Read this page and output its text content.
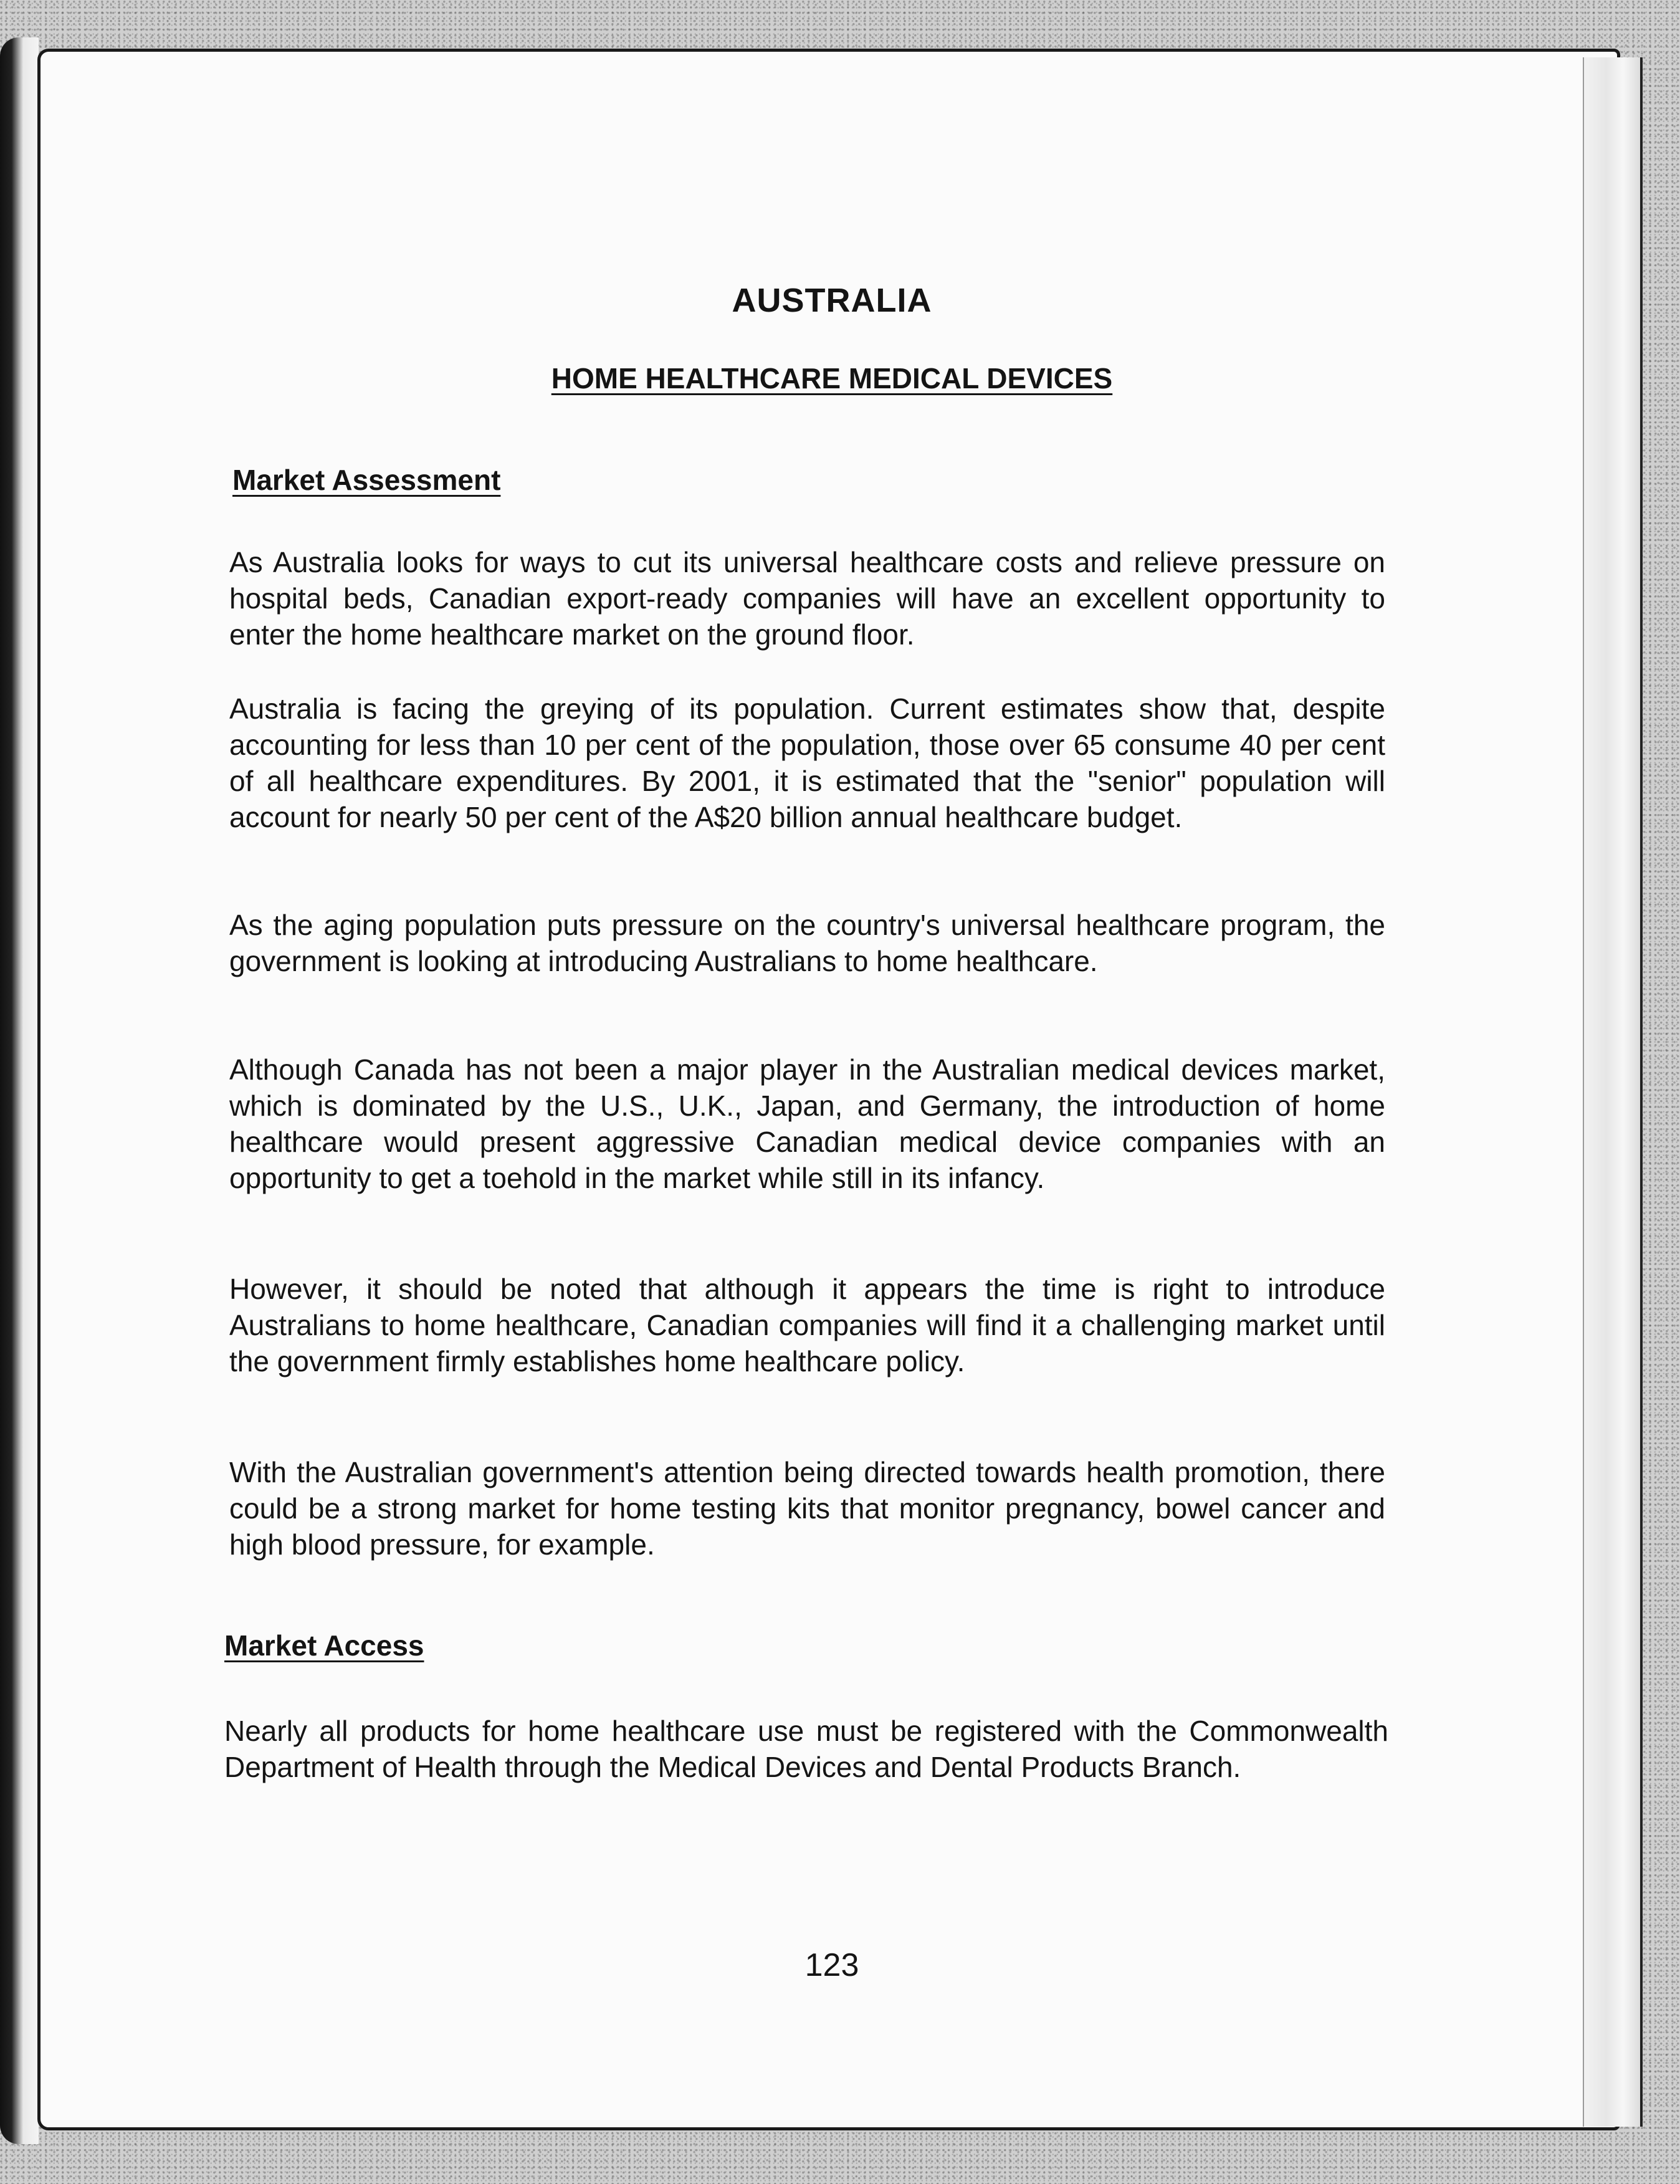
AUSTRALIA
HOME HEALTHCARE MEDICAL DEVICES
Market Assessment
As Australia looks for ways to cut its universal healthcare costs and relieve pressure on hospital beds, Canadian export-ready companies will have an excellent opportunity to enter the home healthcare market on the ground floor.
Australia is facing the greying of its population. Current estimates show that, despite accounting for less than 10 per cent of the population, those over 65 consume 40 per cent of all healthcare expenditures. By 2001, it is estimated that the "senior" population will account for nearly 50 per cent of the A$20 billion annual healthcare budget.
As the aging population puts pressure on the country's universal healthcare program, the government is looking at introducing Australians to home healthcare.
Although Canada has not been a major player in the Australian medical devices market, which is dominated by the U.S., U.K., Japan, and Germany, the introduction of home healthcare would present aggressive Canadian medical device companies with an opportunity to get a toehold in the market while still in its infancy.
However, it should be noted that although it appears the time is right to introduce Australians to home healthcare, Canadian companies will find it a challenging market until the government firmly establishes home healthcare policy.
With the Australian government's attention being directed towards health promotion, there could be a strong market for home testing kits that monitor pregnancy, bowel cancer and high blood pressure, for example.
Market Access
Nearly all products for home healthcare use must be registered with the Commonwealth Department of Health through the Medical Devices and Dental Products Branch.
123
